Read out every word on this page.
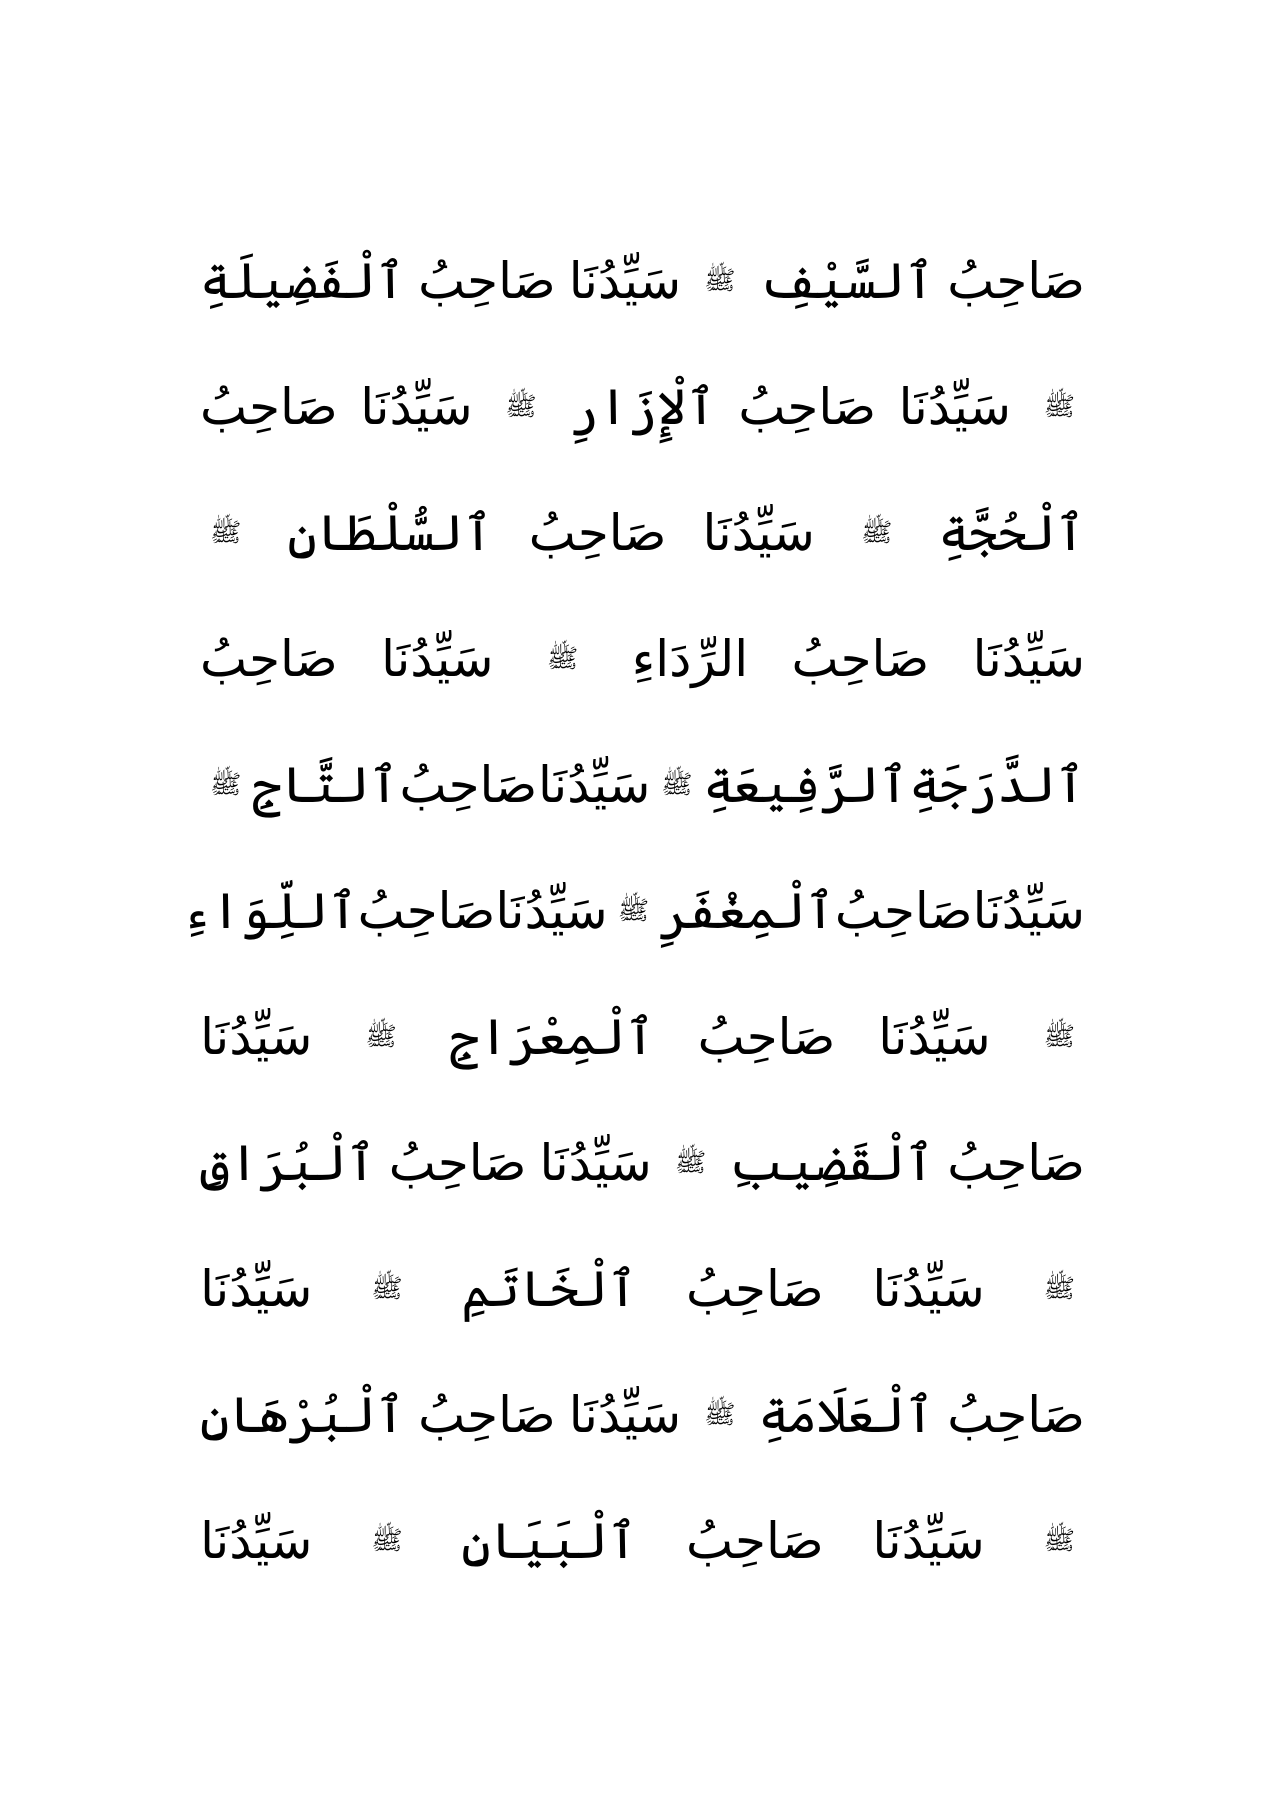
صَاحِبُ
ٱلسَّيْفِ
ﷺ
سَيِّدُنَا
صَاحِبُ
ٱلْفَضِيلَةِ
ﷺ
سَيِّدُنَا
صَاحِبُ
ٱلْإِزَارِ
ﷺ
سَيِّدُنَا
صَاحِبُ
ٱلْحُجَّةِ
ﷺ
سَيِّدُنَا
صَاحِبُ
ٱلسُّلْطَانِ
ﷺ
سَيِّدُنَا
صَاحِبُ
الرِّدَاءِ
ﷺ
سَيِّدُنَا
صَاحِبُ
ٱلدَّرَجَةِ
ٱلرَّفِيعَةِ
ﷺ
سَيِّدُنَا
صَاحِبُ
ٱلتَّاجِ
ﷺ
سَيِّدُنَا
صَاحِبُ
ٱلْمِغْفَرِ
ﷺ
سَيِّدُنَا
صَاحِبُ
ٱللِّوَاءِ
ﷺ
سَيِّدُنَا
صَاحِبُ
ٱلْمِعْرَاجِ
ﷺ
سَيِّدُنَا
صَاحِبُ
ٱلْقَضِيبِ
ﷺ
سَيِّدُنَا
صَاحِبُ
ٱلْبُرَاقِ
ﷺ
سَيِّدُنَا
صَاحِبُ
ٱلْخَاتَمِ
ﷺ
سَيِّدُنَا
صَاحِبُ
ٱلْعَلَامَةِ
ﷺ
سَيِّدُنَا
صَاحِبُ
ٱلْبُرْهَانِ
ﷺ
سَيِّدُنَا
صَاحِبُ
ٱلْبَيَانِ
ﷺ
سَيِّدُنَا
